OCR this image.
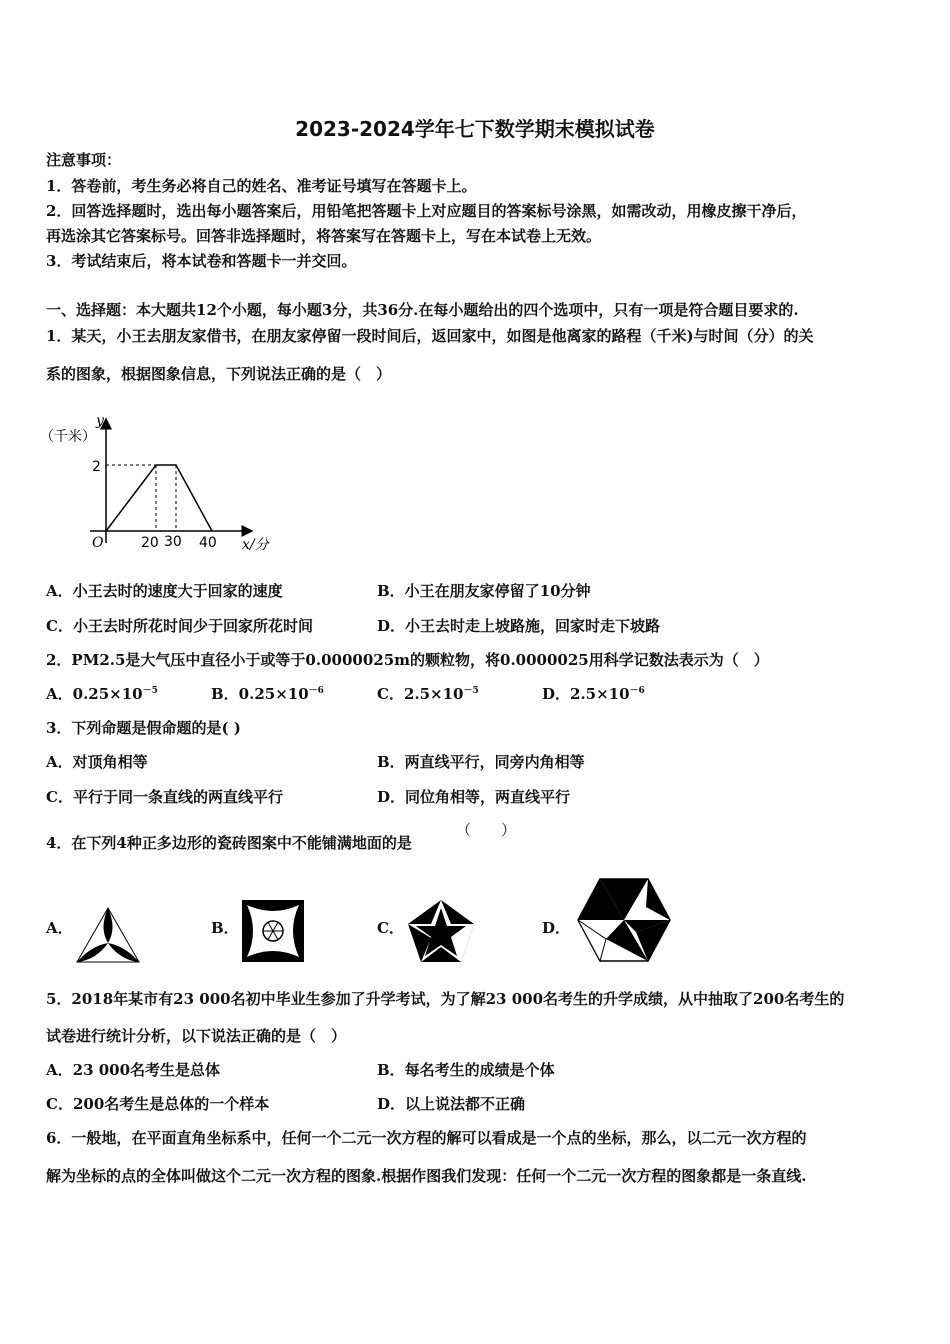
2023-2024学年七下数学期末模拟试卷
注意事项：
1．答卷前，考生务必将自己的姓名、准考证号填写在答题卡上。
2．回答选择题时，选出每小题答案后，用铅笔把答题卡上对应题目的答案标号涂黑，如需改动，用橡皮擦干净后，
再选涂其它答案标号。回答非选择题时，将答案写在答题卡上，写在本试卷上无效。
3．考试结束后，将本试卷和答题卡一并交回。
一、选择题：本大题共12个小题，每小题3分，共36分.在每小题给出的四个选项中，只有一项是符合题目要求的.
1．某天，小王去朋友家借书，在朋友家停留一段时间后，返回家中，如图是他离家的路程（千米)与时间（分）的关
系的图象，根据图象信息，下列说法正确的是（　）
y
（千米）
2
O	20 30 40 x/分
A．小王去时的速度大于回家的速度	B．小王在朋友家停留了10分钟
C．小王去时所花时间少于回家所花时间	D．小王去时走上坡路施，回家时走下坡路
2．PM2.5是大气压中直径小于或等于0.0000025m的颗粒物，将0.0000025用科学记数法表示为（　）
A．$0.25\times 10^{-5}$	B．$0.25\times 10^{-6}$	C．$2.5\times 10^{-5}$	D．$2.5\times 10^{-6}$
3．下列命题是假命题的是( )
A．对顶角相等	B．两直线平行，同旁内角相等
C．平行于同一条直线的两直线平行	D．同位角相等，两直线平行
4．在下列4种正多边形的瓷砖图案中不能铺满地面的是
（　　）
A．	B．	C．	D．
5．2018年某市有23 000名初中毕业生参加了升学考试，为了解23 000名考生的升学成绩，从中抽取了200名考生的
试卷进行统计分析，以下说法正确的是（　）
A．23 000名考生是总体	B．每名考生的成绩是个体
C．200名考生是总体的一个样本	D．以上说法都不正确
6．一般地，在平面直角坐标系中，任何一个二元一次方程的解可以看成是一个点的坐标，那么，以二元一次方程的
解为坐标的点的全体叫做这个二元一次方程的图象.根据作图我们发现：任何一个二元一次方程的图象都是一条直线.
